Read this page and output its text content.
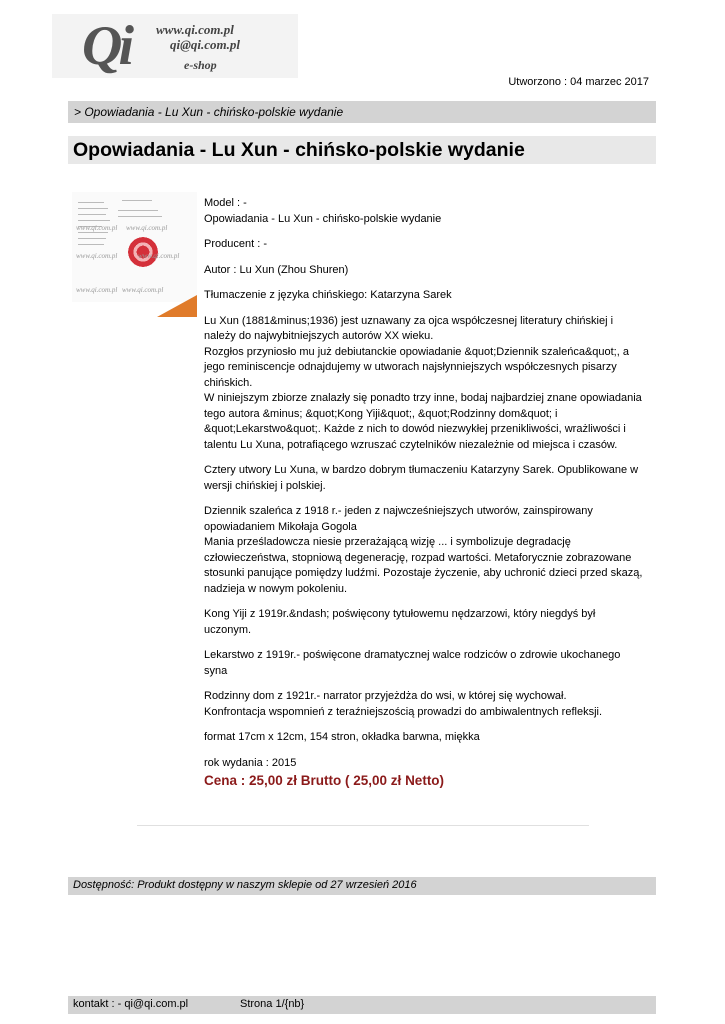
Qi www.qi.com.pl
qi@qi.com.pl
e-shop
Utworzono : 04 marzec 2017
> Opowiadania - Lu Xun - chińsko-polskie wydanie
Opowiadania - Lu Xun - chińsko-polskie wydanie
www.qi.com.pl www.qi.com.pl
www.qi.com.pl	www.qi.com.pl
www.qi.com.pl www.qi.com.pl

Model : -

Opowiadania - Lu Xun - chińsko-polskie wydanie

Producent : -

Autor : Lu Xun (Zhou Shuren)

Tłumaczenie z języka chińskiego: Katarzyna Sarek

Lu Xun (1881&minus;1936) jest uznawany za ojca współczesnej literatury chińskiej i należy do najwybitniejszych autorów XX wieku.
Rozgłos przyniosło mu już debiutanckie opowiadanie &quot;Dziennik szaleńca&quot;, a jego reminiscencje odnajdujemy w utworach najsłynniejszych współczesnych pisarzy chińskich.
W niniejszym zbiorze znalazły się ponadto trzy inne, bodaj najbardziej znane opowiadania tego autora &minus; &quot;Kong Yiji&quot;, &quot;Rodzinny dom&quot; i &quot;Lekarstwo&quot;. Każde z nich to dowód niezwykłej przenikliwości, wrażliwości i talentu Lu Xuna, potrafiącego wzruszać czytelników niezależnie od miejsca i czasów.

Cztery utwory Lu Xuna, w bardzo dobrym tłumaczeniu Katarzyny Sarek. Opublikowane w wersji chińskiej i polskiej.

Dziennik szaleńca z 1918 r.- jeden z najwcześniejszych utworów, zainspirowany opowiadaniem Mikołaja Gogola
Mania prześladowcza niesie przerażającą wizję ... i symbolizuje degradację człowieczeństwa, stopniową degenerację, rozpad wartości. Metaforycznie zobrazowane stosunki panujące pomiędzy ludźmi. Pozostaje życzenie, aby uchronić dzieci przed skazą, nadzieja w nowym pokoleniu.

Kong Yiji z 1919r.&ndash; poświęcony tytułowemu nędzarzowi, który niegdyś był uczonym.

Lekarstwo z 1919r.- poświęcone dramatycznej walce rodziców o zdrowie ukochanego syna

Rodzinny dom z 1921r.- narrator przyjeżdża do wsi, w której się wychował.
Konfrontacja wspomnień z teraźniejszością prowadzi do ambiwalentnych refleksji.

format 17cm x 12cm, 154 stron, okładka barwna, miękka

rok wydania : 2015

Cena : 25,00 zł Brutto ( 25,00 zł Netto)

Dostępność: Produkt dostępny w naszym sklepie od 27 wrzesień 2016
kontakt : - qi@qi.com.pl	Strona 1/{nb}
